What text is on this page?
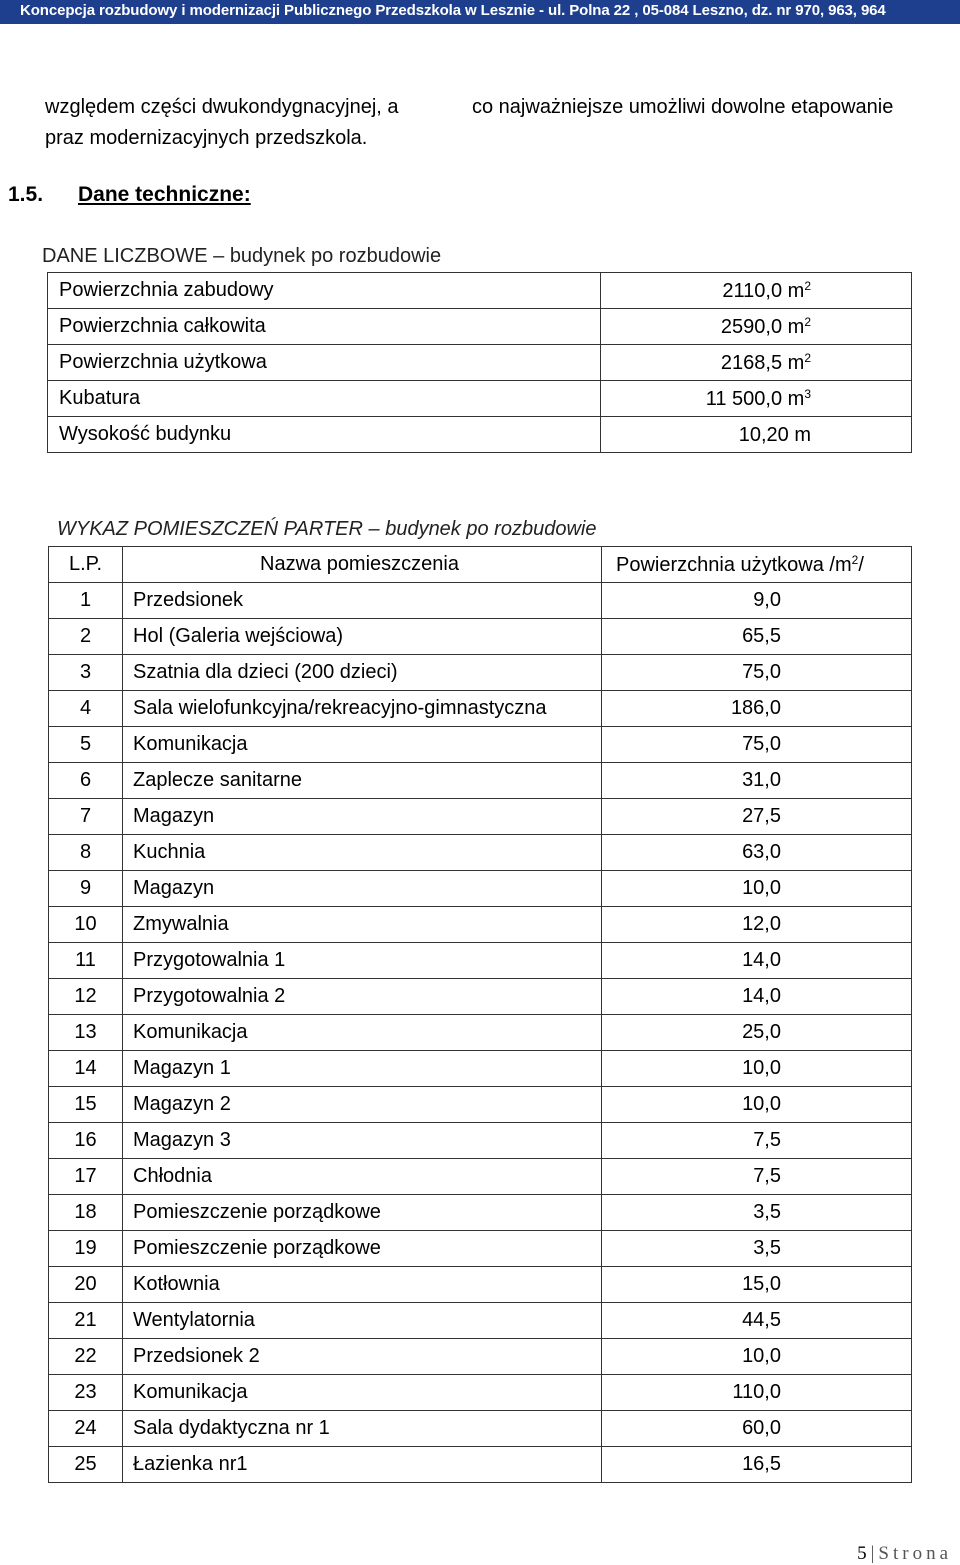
Koncepcja rozbudowy i modernizacji Publicznego Przedszkola w Lesznie - ul. Polna 22 , 05-084 Leszno, dz. nr 970, 963, 964
względem części dwukondygnacyjnej, a	co najważniejsze umożliwi dowolne etapowanie
praz modernizacyjnych przedszkola.
1.5. Dane techniczne:
DANE LICZBOWE – budynek po rozbudowie
Powierzchnia zabudowy	2110,0 $m^2$
Powierzchnia całkowita	2590,0 $m^2$
Powierzchnia użytkowa	2168,5 $m^2$
Kubatura	11 500,0 $m^3$
Wysokość budynku	10,20 m
WYKAZ POMIESZCZEŃ PARTER – budynek po rozbudowie
L.P.	Nazwa pomieszczenia	Powierzchnia użytkowa $/m^2/$
1	Przedsionek	9,0
2	Hol (Galeria wejściowa)	65,5
3	Szatnia dla dzieci (200 dzieci)	75,0
4	Sala wielofunkcyjna/rekreacyjno-gimnastyczna	186,0
5	Komunikacja	75,0
6	Zaplecze sanitarne	31,0
7	Magazyn	27,5
8	Kuchnia	63,0
9	Magazyn	10,0
10	Zmywalnia	12,0
11	Przygotowalnia 1	14,0
12	Przygotowalnia 2	14,0
13	Komunikacja	25,0
14	Magazyn 1	10,0
15	Magazyn 2	10,0
16	Magazyn 3	7,5
17	Chłodnia	7,5
18	Pomieszczenie porządkowe	3,5
19	Pomieszczenie porządkowe	3,5
20	Kotłownia	15,0
21	Wentylatornia	44,5
22	Przedsionek 2	10,0
23	Komunikacja	110,0
24	Sala dydaktyczna nr 1	60,0
25	Łazienka nr1	16,5
5 | Strona
